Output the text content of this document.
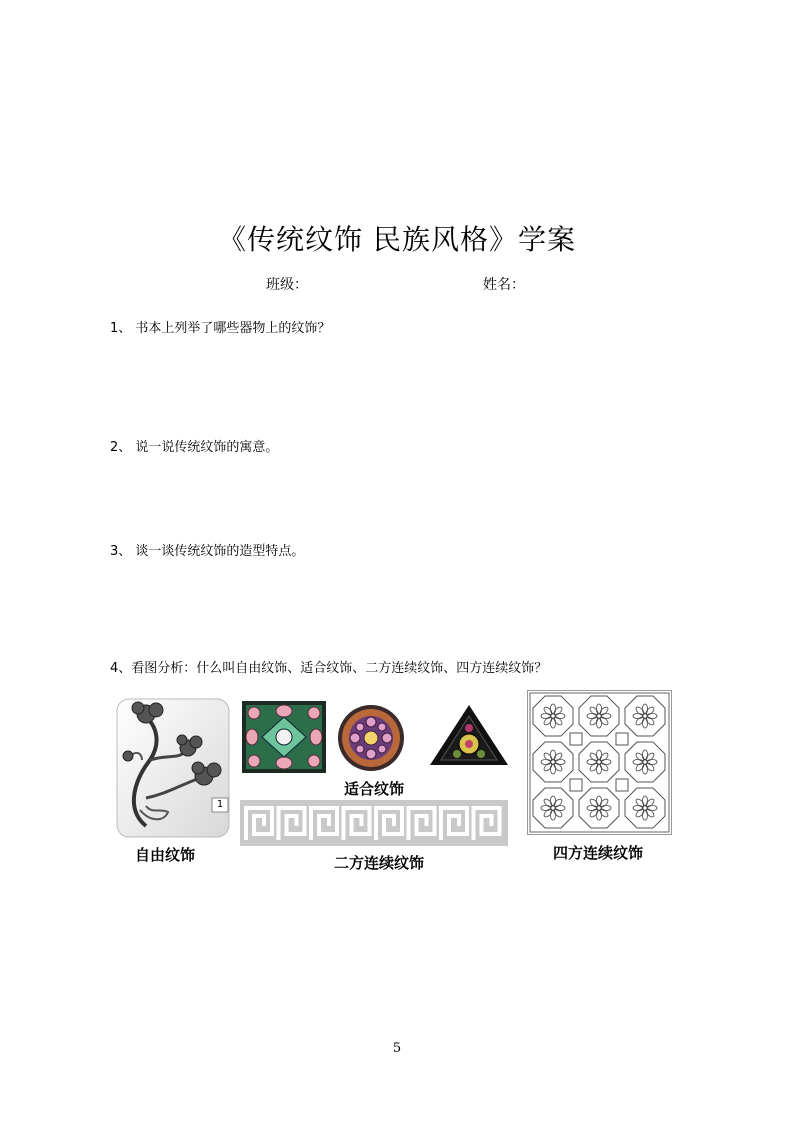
《传统纹饰 民族风格》学案
班级：	姓名：
1、 书本上列举了哪些器物上的纹饰？
2、 说一说传统纹饰的寓意。
3、 谈一谈传统纹饰的造型特点。
4、看图分析：什么叫自由纹饰、适合纹饰、二方连续纹饰、四方连续纹饰？
1
自由纹饰
适合纹饰
二方连续纹饰
四方连续纹饰
5
